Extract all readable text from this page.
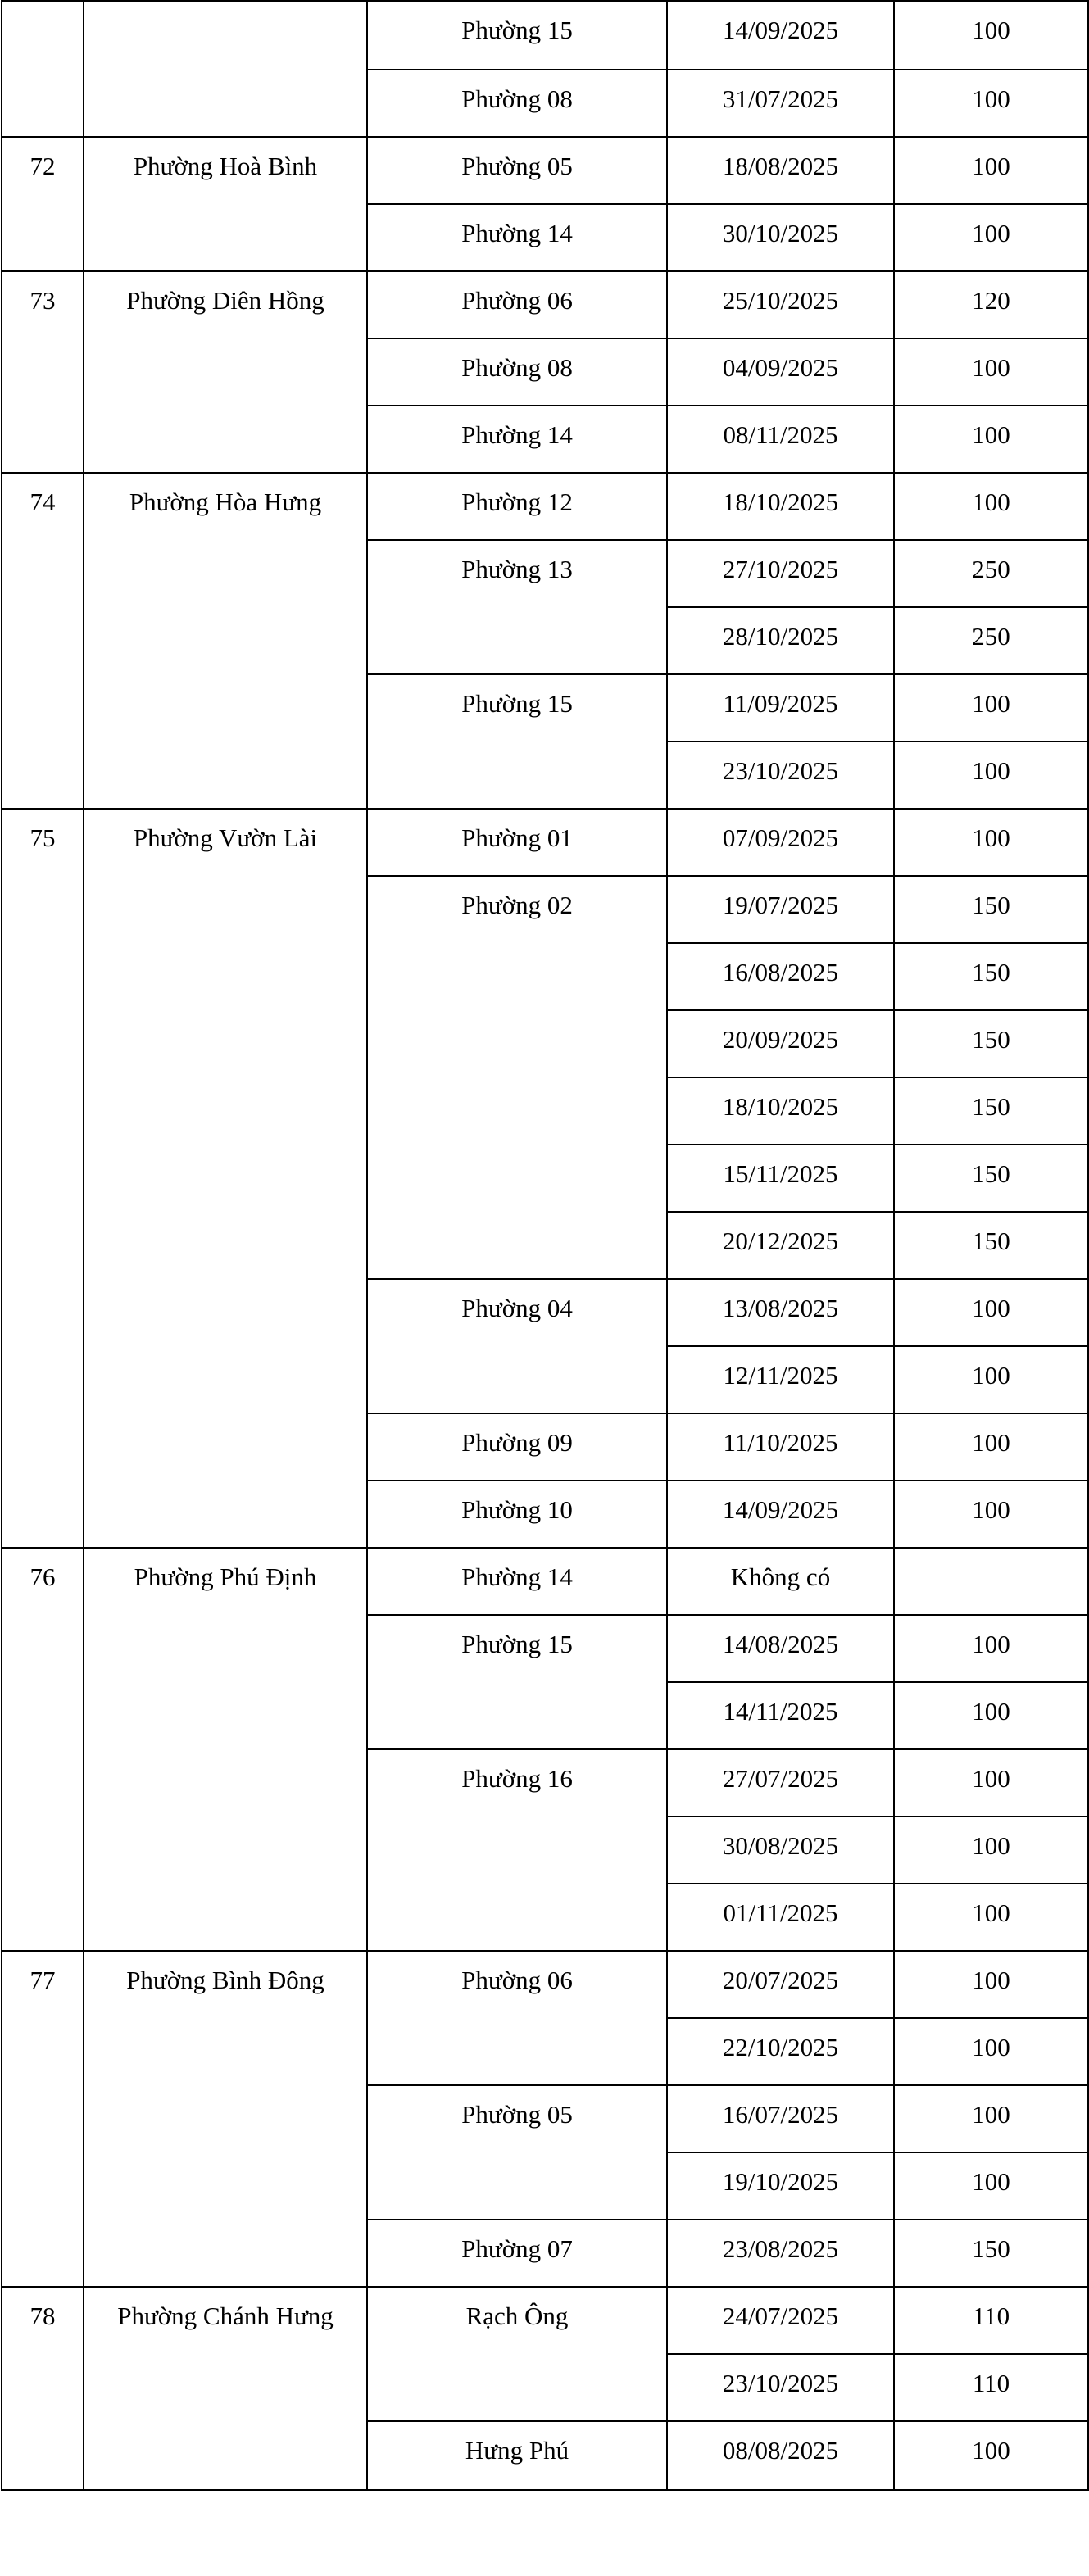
		Phường 15	14/09/2025	100

		Phường 08	31/07/2025	100

72	Phường Hoà Bình	Phường 05	18/08/2025	100

		Phường 14	30/10/2025	100

73	Phường Diên Hồng	Phường 06	25/10/2025	120

		Phường 08	04/09/2025	100

		Phường 14	08/11/2025	100

74	Phường Hòa Hưng	Phường 12	18/10/2025	100

		Phường 13	27/10/2025	250

			28/10/2025	250

		Phường 15	11/09/2025	100

			23/10/2025	100

75	Phường Vườn Lài	Phường 01	07/09/2025	100

		Phường 02	19/07/2025	150

			16/08/2025	150

			20/09/2025	150

			18/10/2025	150

			15/11/2025	150

			20/12/2025	150

		Phường 04	13/08/2025	100

			12/11/2025	100

		Phường 09	11/10/2025	100

		Phường 10	14/09/2025	100

76	Phường Phú Định	Phường 14	Không có	

		Phường 15	14/08/2025	100

			14/11/2025	100

		Phường 16	27/07/2025	100

			30/08/2025	100

			01/11/2025	100

77	Phường Bình Đông	Phường 06	20/07/2025	100

			22/10/2025	100

		Phường 05	16/07/2025	100

			19/10/2025	100

		Phường 07	23/08/2025	150

78	Phường Chánh Hưng	Rạch Ông	24/07/2025	110

			23/10/2025	110

		Hưng Phú	08/08/2025	100
